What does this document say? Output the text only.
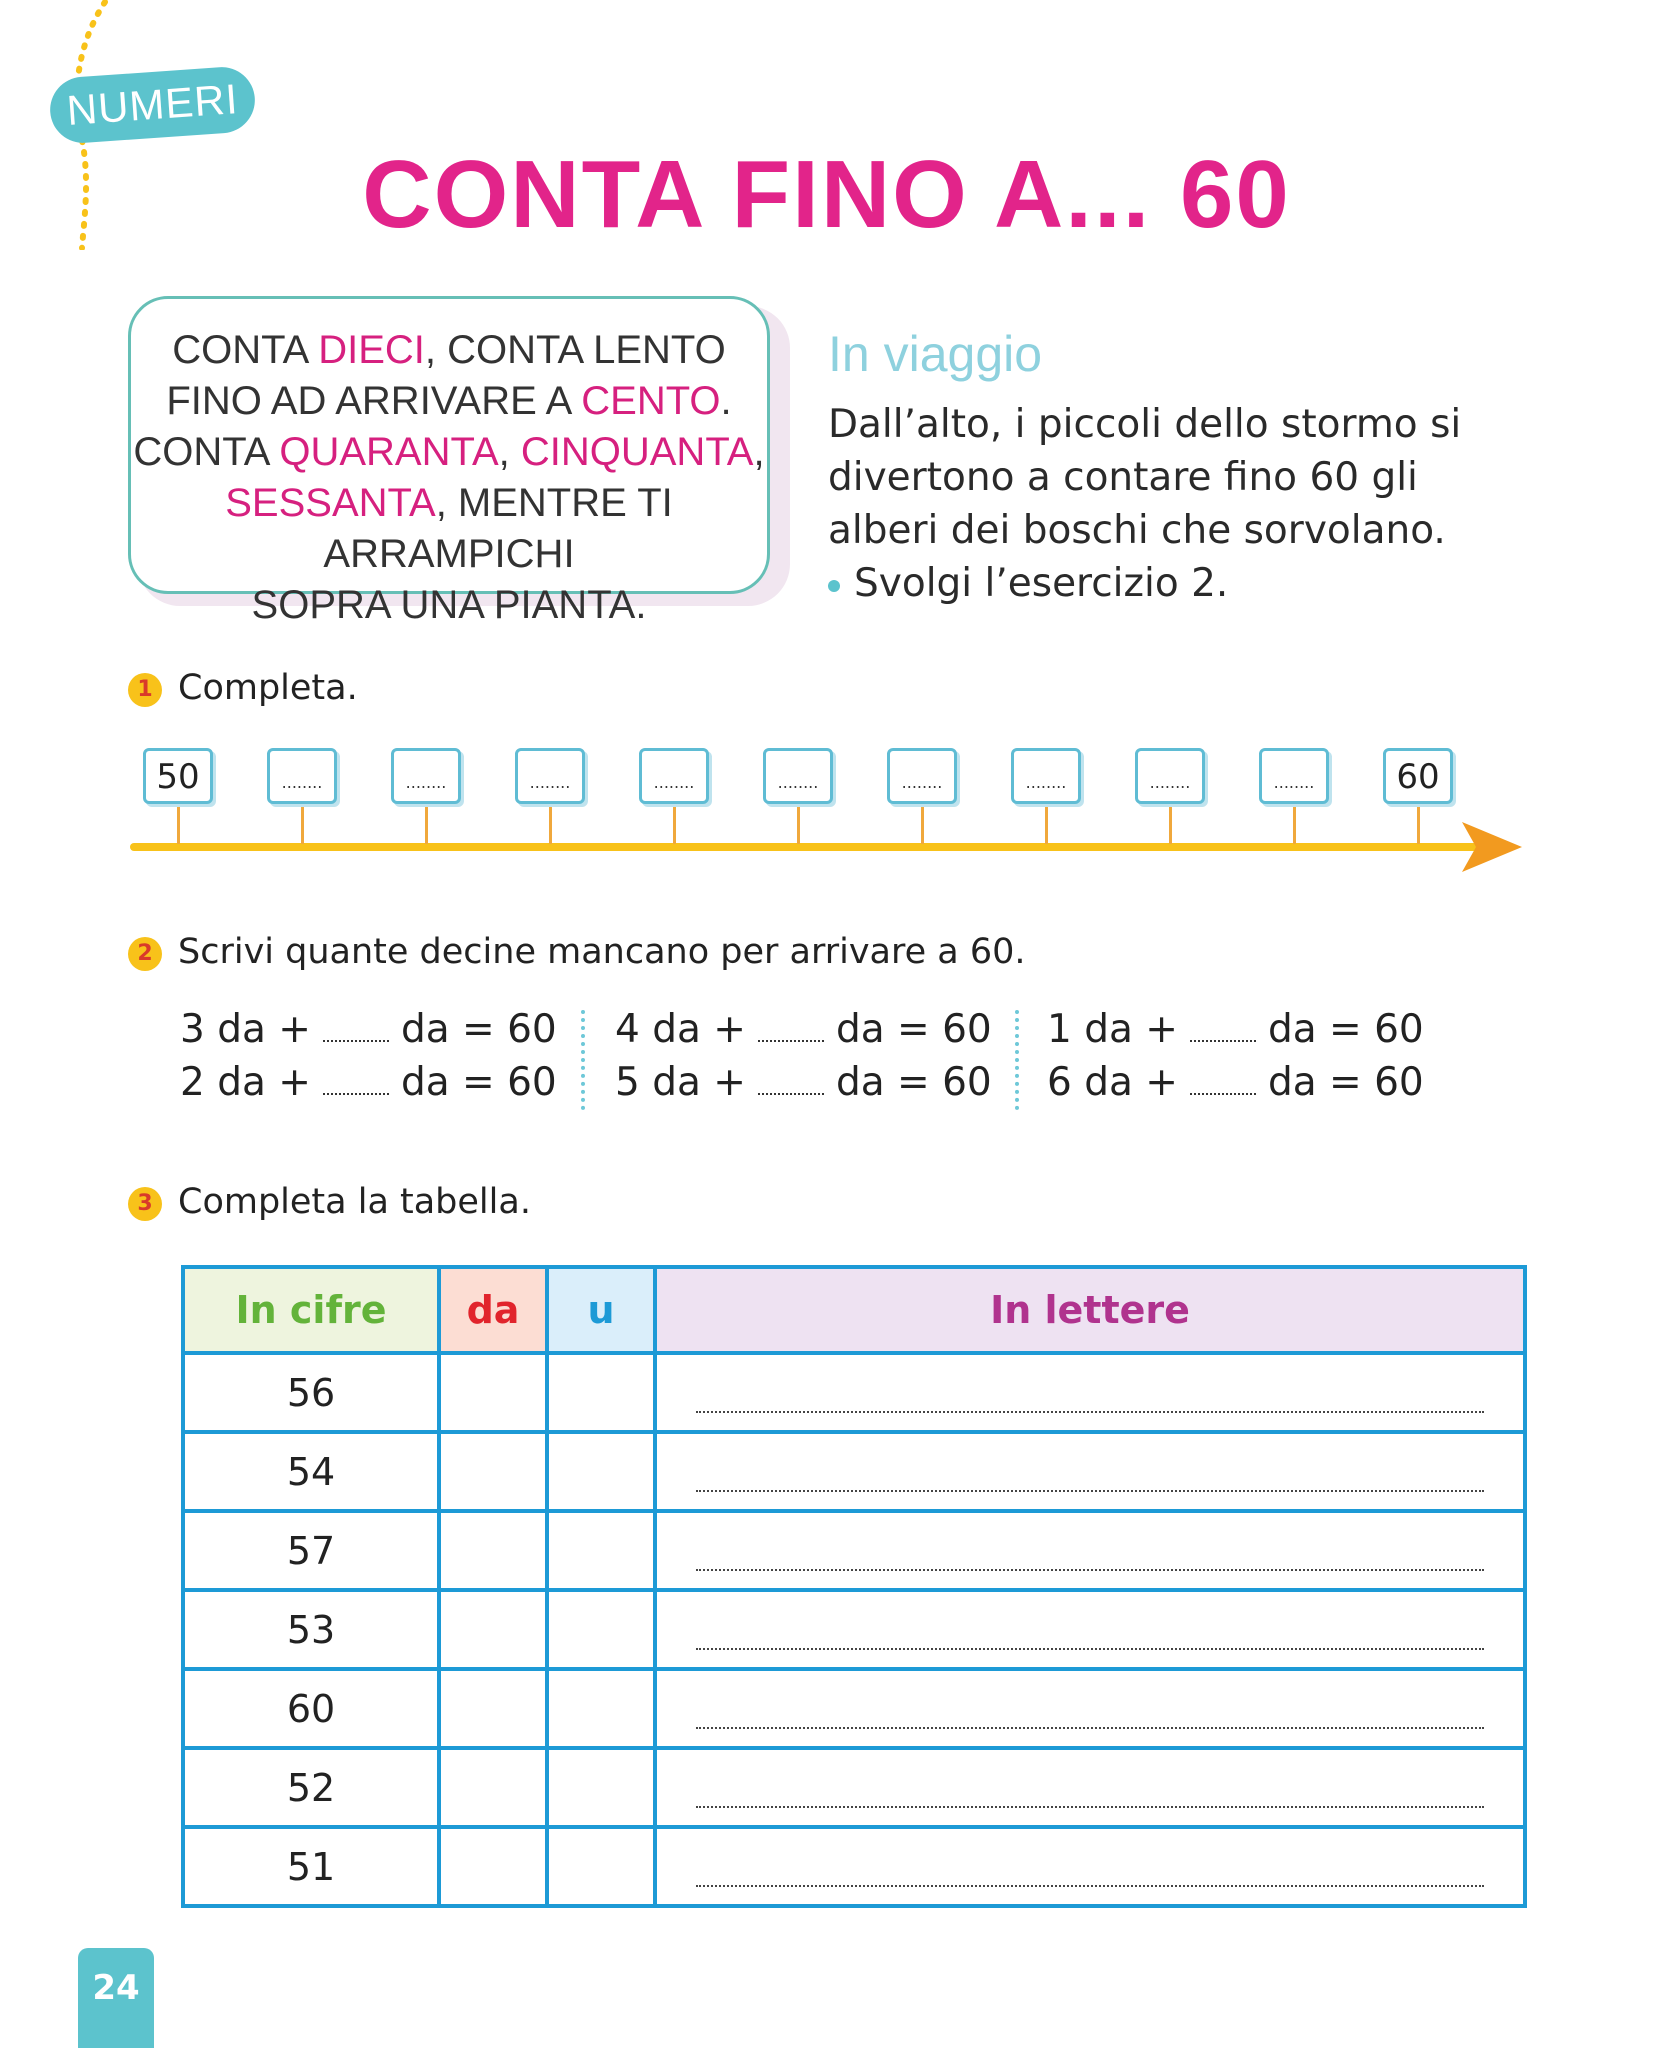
NUMERI
CONTA FINO A... 60
CONTA DIECI, CONTA LENTO
FINO AD ARRIVARE A CENTO.
CONTA QUARANTA, CINQUANTA,
SESSANTA, MENTRE TI ARRAMPICHI
SOPRA UNA PIANTA.
In viaggio
Dall’alto, i piccoli dello stormo si divertono a contare fino 60 gli alberi dei boschi che sorvolano.
Svolgi l’esercizio 2.
1 Completa.
50	........	........	........	........	........	........	........	........	........	60
2 Scrivi quante decine mancano per arrivare a 60.
3 da + da = 60
2 da + da = 60
4 da + da = 60
5 da + da = 60
1 da + da = 60
6 da + da = 60
3 Completa la tabella.
In cifre	da	u	In lettere
56			

54			

57			

53			

60			

52			

51			
24
